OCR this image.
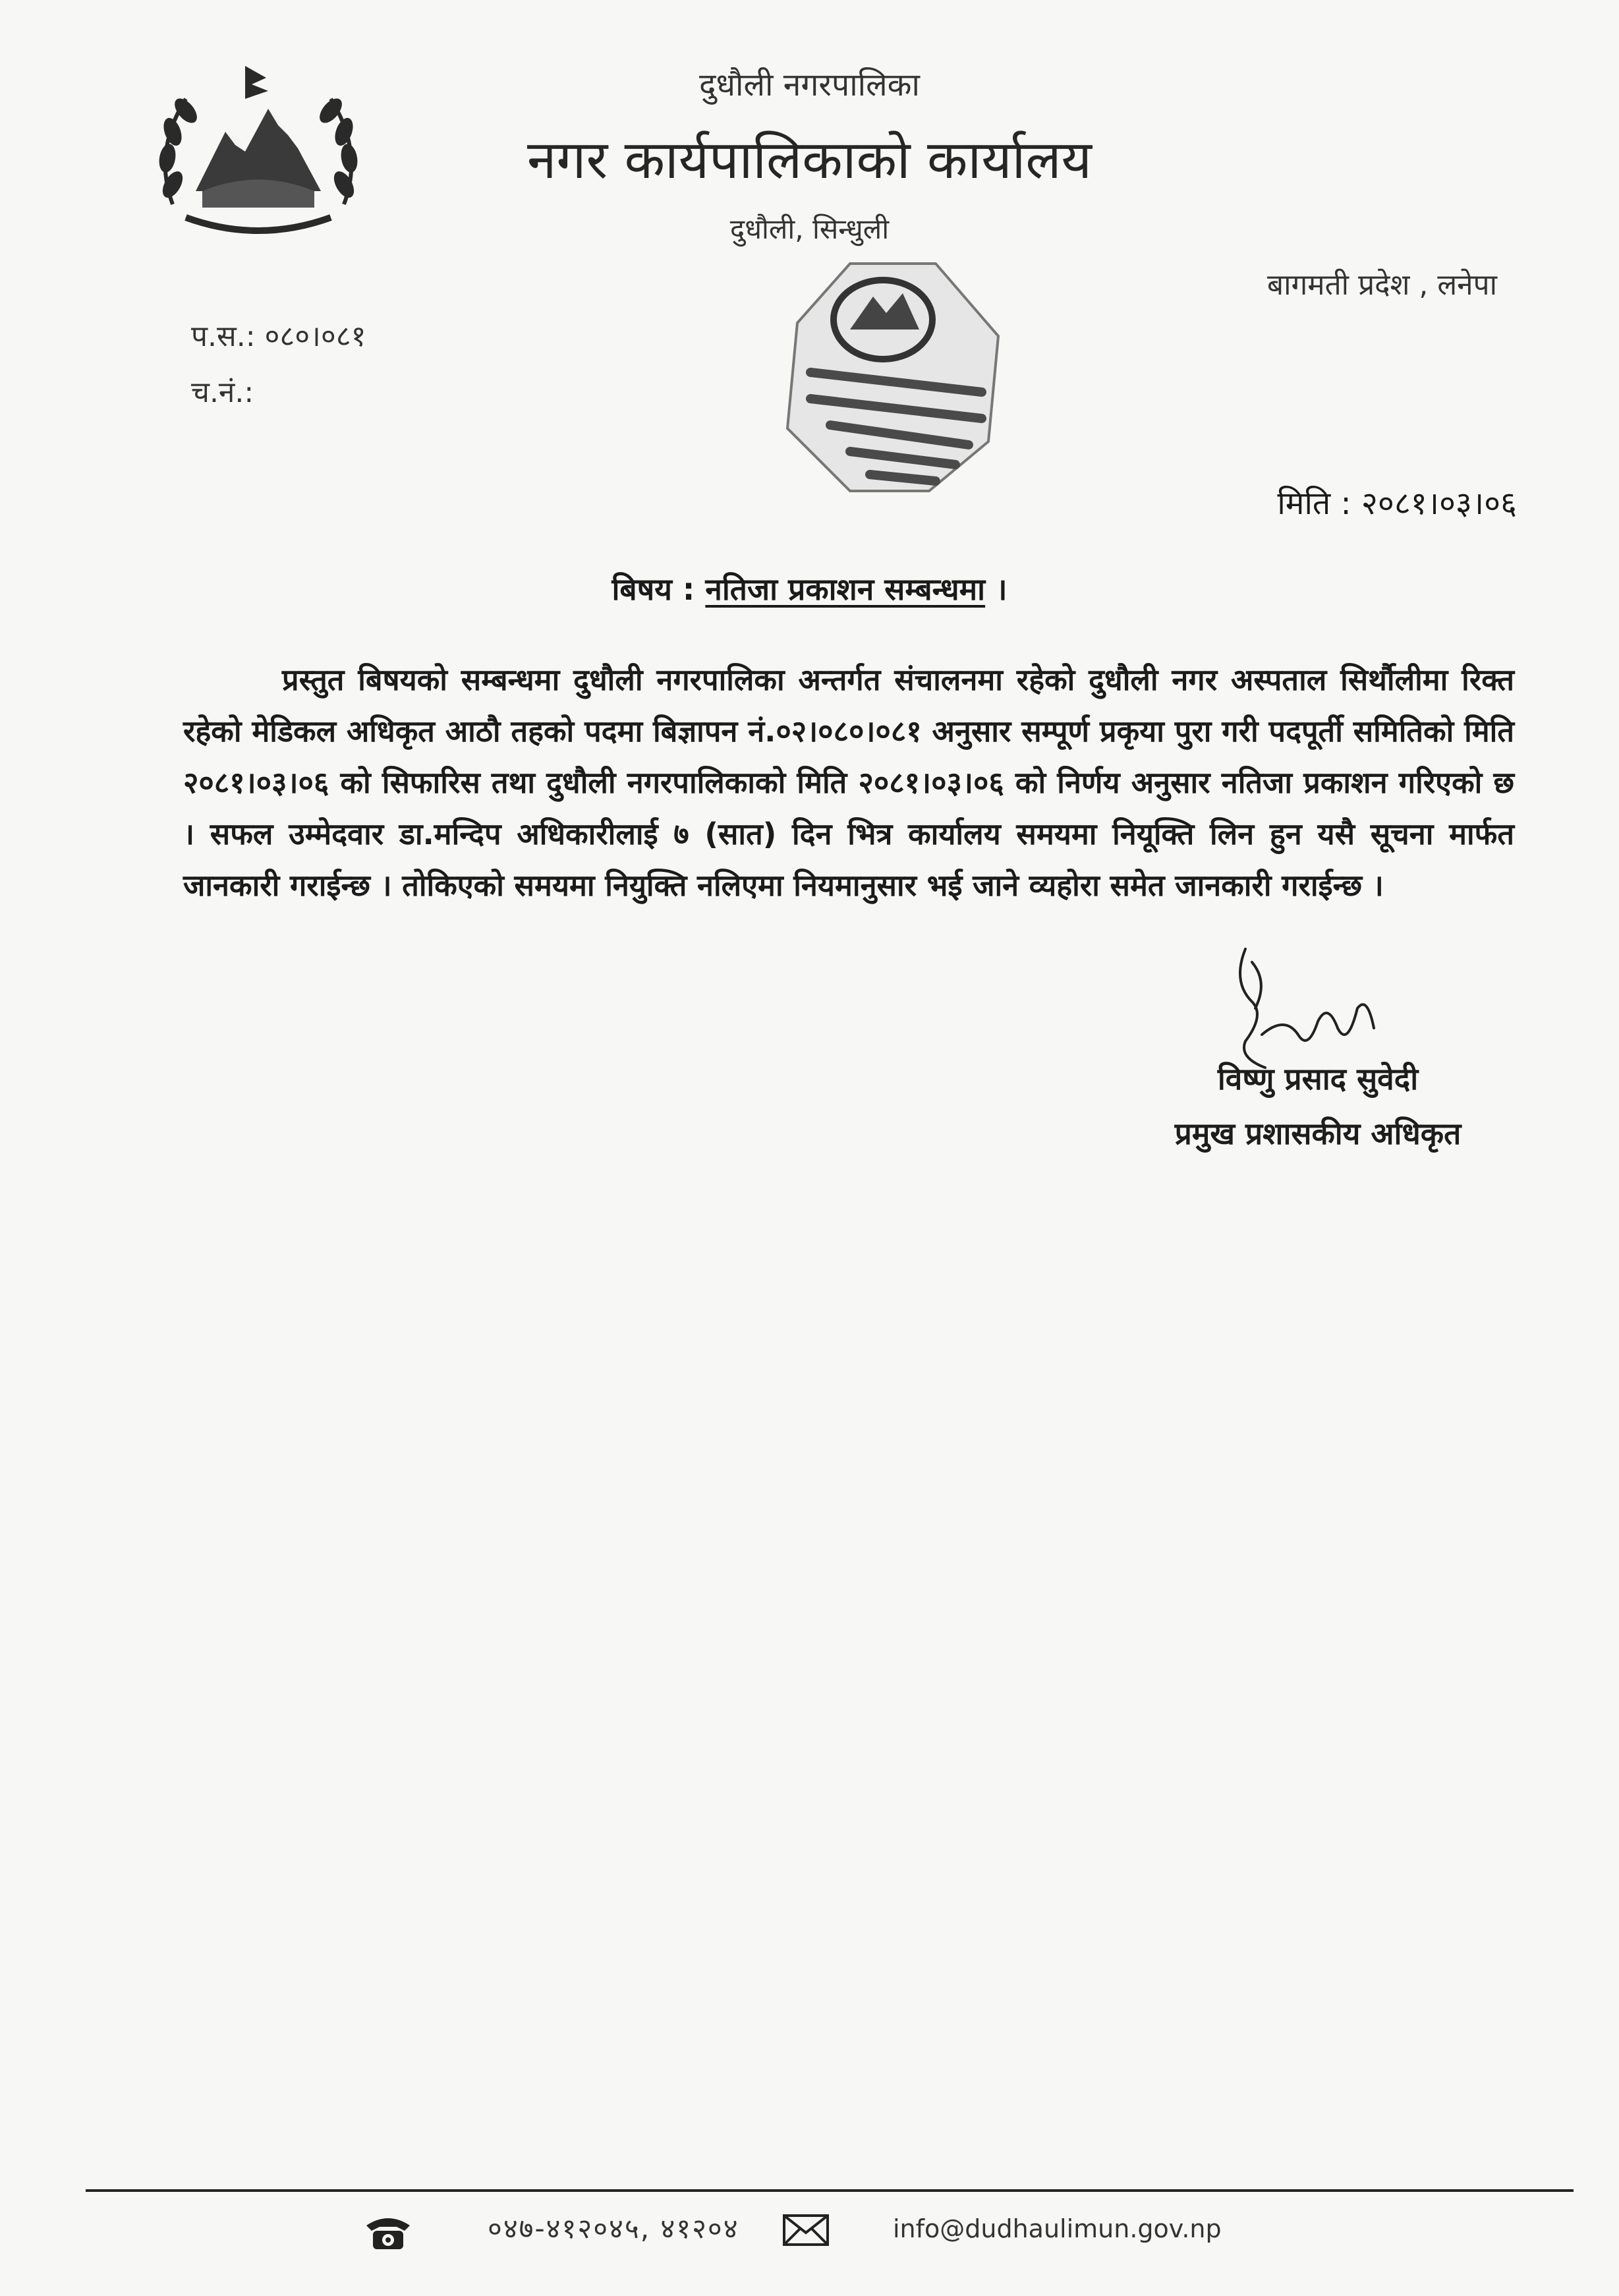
दुधौली नगरपालिका
नगर कार्यपालिकाको कार्यालय
दुधौली, सिन्धुली
बागमती प्रदेश , लनेपा
प.स.: ०८०।०८१
च.नं.:
मिति : २०८१।०३।०६
बिषय : नतिजा प्रकाशन सम्बन्धमा ।

प्रस्तुत बिषयको सम्बन्धमा दुधौली नगरपालिका अन्तर्गत संचालनमा रहेको दुधौली नगर अस्पताल सिर्थौलीमा रिक्त रहेको मेडिकल अधिकृत आठौ तहको पदमा बिज्ञापन नं.०२।०८०।०८१ अनुसार सम्पूर्ण प्रकृया पुरा गरी पदपूर्ती समितिको मिति २०८१।०३।०६ को सिफारिस तथा दुधौली नगरपालिकाको मिति २०८१।०३।०६ को निर्णय अनुसार नतिजा प्रकाशन गरिएको छ । सफल उम्मेदवार डा.मन्दिप अधिकारीलाई ७ (सात) दिन भित्र कार्यालय समयमा नियूक्ति लिन हुन यसै सूचना मार्फत जानकारी गराईन्छ । तोकिएको समयमा नियुक्ति नलिएमा नियमानुसार भई जाने व्यहोरा समेत जानकारी गराईन्छ ।

विष्णु प्रसाद सुवेदी
प्रमुख प्रशासकीय अधिकृत
०४७-४१२०४५, ४१२०४	info@dudhaulimun.gov.np
